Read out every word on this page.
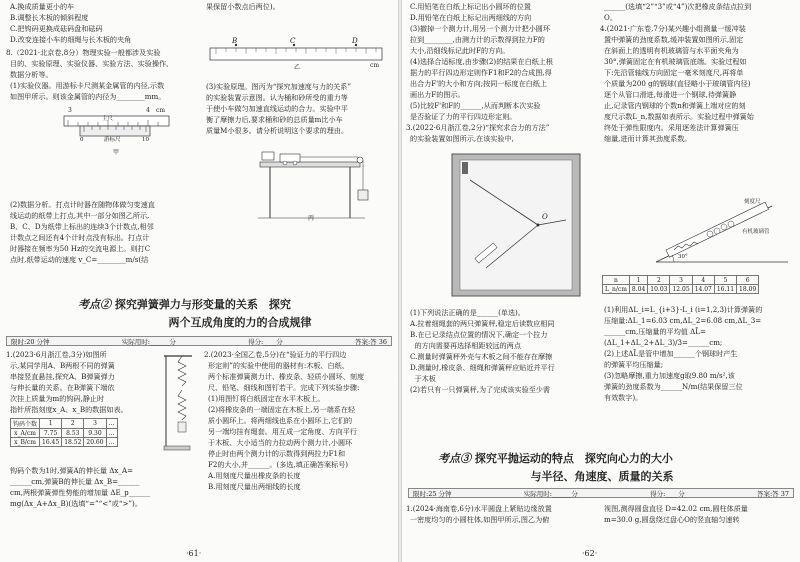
A.换成质量更小的车
B.调整长木板的倾斜程度
C.把钩码更换成砝码盘和砝码
D.改变连接小车的细绳与长木板的夹角
8.（2021·北京卷,8分）物理实验一般都涉及实验
目的、实验原理、实验仪器、实验方法、实验操作、
数据分析等。
(1)实验仪器。用游标卡尺测某金属管的内径,示数
如图甲所示。则该金属管的内径为________mm。
3	4 cm
主尺
游标尺
0	10
甲
(2)数据分析。打点计时器在随物体做匀变速直
线运动的纸带上打点,其中一部分如图乙所示,
B、C、D为纸带上标出的连续3个计数点,相邻
计数点之间还有4个计时点没有标出。打点计
时器接在频率为50 Hz的交流电源上。则打C
点时,纸带运动的速度 v_C=________m/s(结
B	C	D
cm
乙
果保留小数点后两位)。
(3)实验原理。图丙为“探究加速度与力的关系”
的实验装置示意图。认为桶和砂所受的重力等
于使小车做匀加速直线运动的合力。实验中平
衡了摩擦力后,要求桶和砂的总质量m比小车
质量M小很多。请分析说明这个要求的理由。
丙
考点② 探究弹簧弹力与形变量的关系　探究
两个互成角度的力的合成规律
限时:20 分钟	实际用时:______分	得分:____分	答案:答 36
1.(2023·6月浙江卷,3分)如图所
示,某同学用A、B两根不同的弹簧
串接竖直悬挂,探究A、B弹簧弹力
与伸长量的关系。在B弹簧下端依
次挂上质量为m的钩码,静止时
指针所指刻度x_A、x_B的数据如表。
钩码个数	1	2	3	…
x_A/cm	7.75	8.53	9.30	…
x_B/cm	16.45	18.52	20.60	…
钩码个数为1时,弹簧A的伸长量 Δx_A=
______cm,弹簧B的伸长量 Δx_B=______
cm,两根弹簧弹性势能的增加量 ΔE_p______
mg(Δx_A+Δx_B)(选填“=”“<”或“>”)。
2.(2023·全国乙卷,5分)在“验证力的平行四边
形定则”的实验中使用的器材有:木板、白纸、
两个标准弹簧测力计、橡皮条、轻质小圆环、刻度
尺、铅笔、细线和图钉若干。完成下列实验步骤:
(1)用图钉将白纸固定在水平木板上。
(2)将橡皮条的一端固定在木板上,另一端系在轻
质小圆环上。将两细线也系在小圆环上,它们的
另一端均挂有绳套。用互成一定角度、方向平行
于木板、大小适当的力拉动两个测力计,小圆环
停止时由两个测力计的示数得到两拉力F1和
F2的大小,并______。(多选,填正确答案标号)
A.用刻度尺量出橡皮条的长度
B.用刻度尺量出两细线的长度
·61·
C.用铅笔在白纸上标记出小圆环的位置
D.用铅笔在白纸上标记出两细线的方向
(3)撤掉一个测力计,用另一个测力计把小圆环
拉到________,由测力计的示数得到拉力F的
大小,沿细线标记此时F的方向。
(4)选择合适标度,由步骤(2)的结果在白纸上根
据力的平行四边形定则作F1和F2的合成图,得
出合力F'的大小和方向;按同一标度在白纸上
画出力F的图示。
(5)比较F'和F的______,从而判断本次实验
是否验证了力的平行四边形定则。
3.(2022·6月浙江卷,2分)“探究求合力的方法”
的实验装置如图所示,在该实验中,
O
(1)下列说法正确的是______(单选)。
A.拉着细绳套的两只弹簧秤,稳定后读数应相同
B.在已记录结点位置的情况下,确定一个拉力
的方向需要再选择相距较远的两点
C.测量时弹簧秤外壳与木板之间不能存在摩擦
D.测量时,橡皮条、细绳和弹簧秤应贴近并平行
于木板
(2)若只有一只弹簧秤,为了完成该实验至少需
______(选填“2”“3”或“4”)次把橡皮条结点拉到
O。
4.(2021·广东卷,7分)某兴趣小组测量一缓冲装
置中弹簧的劲度系数,缓冲装置如图所示,固定
在斜面上的透明有机玻璃管与水平面夹角为
30°,弹簧固定在有机玻璃管底端。实验过程如
下:先沿管轴线方向固定一毫米刻度尺,再将单
个质量为200 g的钢球(直径略小于玻璃管内径)
逐个从管口滑进,每滑进一个钢球,待弹簧静
止,记录管内钢球的个数n和弹簧上端对应的刻
度尺示数L_n,数据如表所示。实验过程中弹簧始
终处于弹性限度内。采用逐差法计算弹簧压
缩量,进而计算其劲度系数。
刻度尺
有机玻璃管
30°
n	1	2	3	4	5	6
L_n/cm	8.04	10.03	12.05	14.07	16.11	18.09
(1)利用ΔL_i=L_{i+3}-L_i (i=1,2,3)计算弹簧的
压缩量:ΔL_1=6.03 cm,ΔL_2=6.08 cm,ΔL_3=
______cm,压缩量的平均值 ΔL̄=
(ΔL_1+ΔL_2+ΔL_3)/3=______cm;
(2)上述ΔL̄是管中增加______个钢球时产生
的弹簧平均压缩量;
(3)忽略摩擦,重力加速度g取9.80 m/s²,该
弹簧的劲度系数为______N/m(结果保留三位
有效数字)。
考点③ 探究平抛运动的特点　探究向心力的大小
与半径、角速度、质量的关系
限时:25 分钟	实际用时:______分	得分:____分	答案:答 37
1.(2024·海南卷,6分)水平圆盘上紧贴边缘放置
一密度均匀的小圆柱体,如图甲所示,图乙为俯
视图,测得圆盘直径 D=42.02 cm,圆柱体质量
m=30.0 g,圆盘绕过盘心O的竖直轴匀速转
·62·
